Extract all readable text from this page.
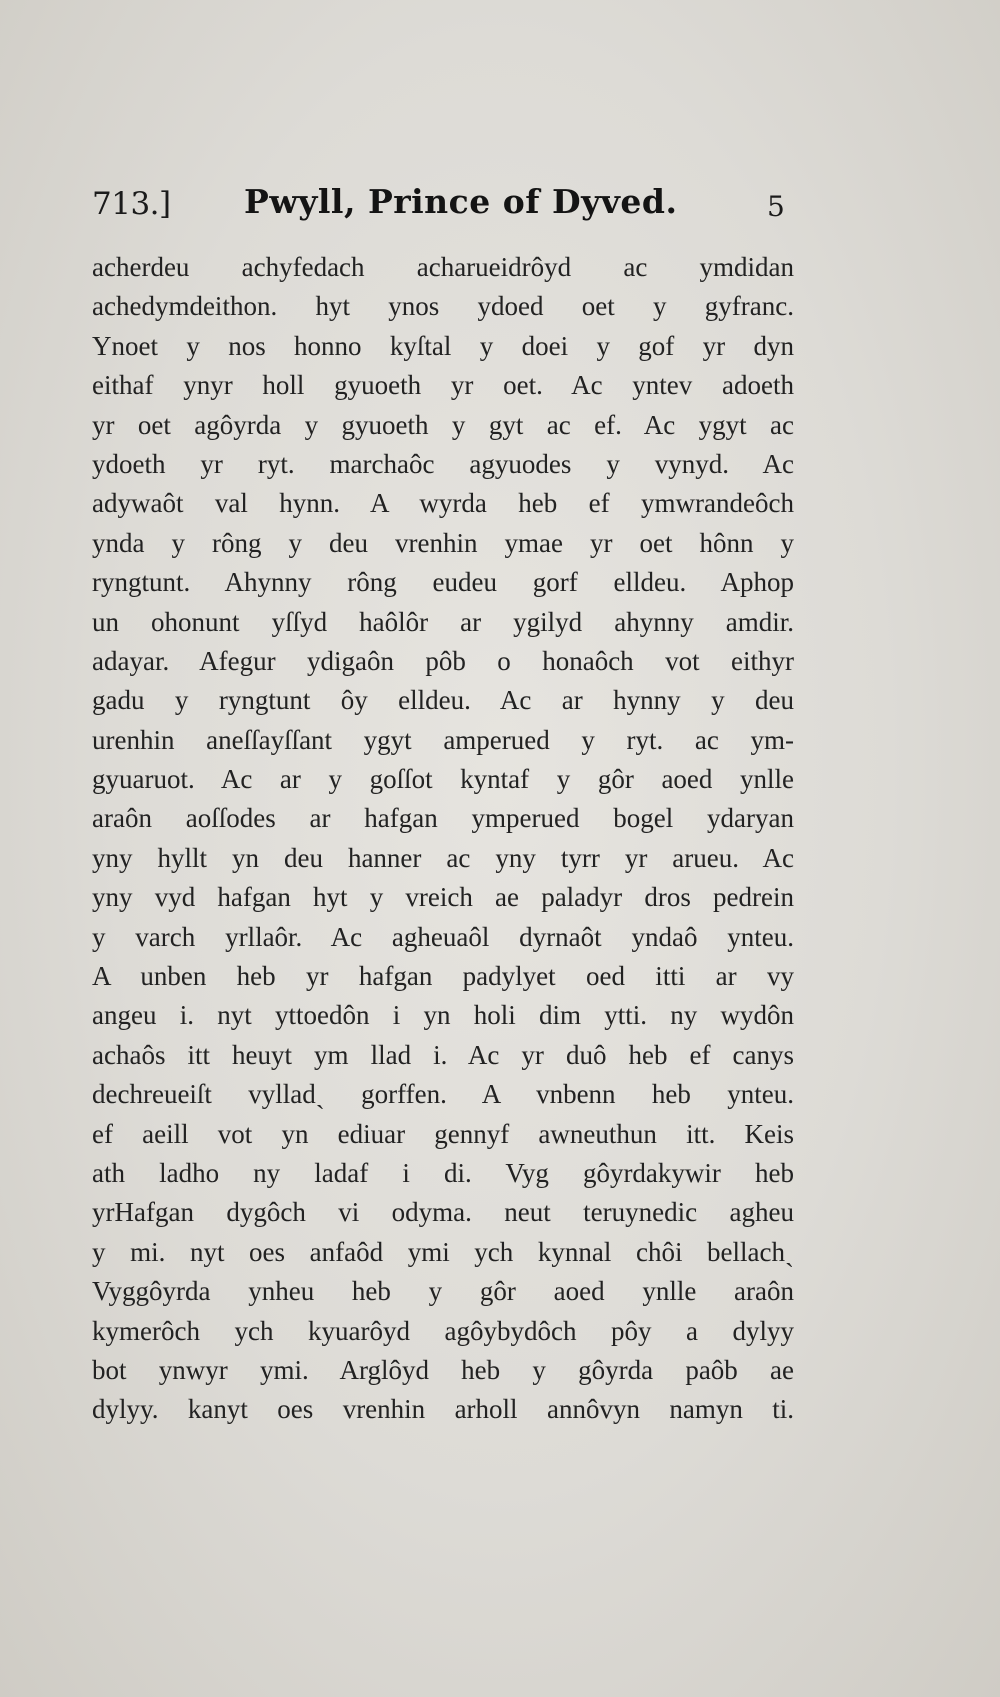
713.] Pwyll, Prince of Dyved.	5
acherdeu achyfedach acharueidrôyd ac ymdidan
achedymdeithon. hyt ynos ydoed oet y gyfranc.
Ynoet y nos honno kyſtal y doei y gof yr dyn
eithaf ynyr holl gyuoeth yr oet. Ac yntev adoeth
yr oet agôyrda y gyuoeth y gyt ac ef. Ac ygyt ac
ydoeth yr ryt. marchaôc agyuodes y vynyd. Ac
adywaôt val hynn. A wyrda heb ef ymwrandeôch
ynda y rông y deu vrenhin ymae yr oet hônn y
ryngtunt. Ahynny rông eudeu gorf elldeu. Aphop
un ohonunt yſſyd haôlôr ar ygilyd ahynny amdir.
adayar. Afegur ydigaôn pôb o honaôch vot eithyr
gadu y ryngtunt ôy elldeu. Ac ar hynny y deu
urenhin aneſſayſſant ygyt amperued y ryt. ac ym-
gyuaruot. Ac ar y goſſot kyntaf y gôr aoed ynlle
araôn aoſſodes ar hafgan ymperued bogel ydaryan
yny hyllt yn deu hanner ac yny tyrr yr arueu. Ac
yny vyd hafgan hyt y vreich ae paladyr dros pedrein
y varch yrllaôr. Ac agheuaôl dyrnaôt yndaô ynteu.
A unben heb yr hafgan padylyet oed itti ar vy
angeu i. nyt yttoedôn i yn holi dim ytti. ny wydôn
achaôs itt heuyt ym llad i. Ac yr duô heb ef canys
dechreueiſt vylladˎ gorffen. A vnbenn heb ynteu.
ef aeill vot yn ediuar gennyf awneuthun itt. Keis
ath ladho ny ladaf i di. Vyg gôyrdakywir heb
yrHafgan dygôch vi odyma. neut teruynedic agheu
y mi. nyt oes anfaôd ymi ych kynnal chôi bellachˎ
Vyggôyrda ynheu heb y gôr aoed ynlle araôn
kymerôch ych kyuarôyd agôybydôch pôy a dylyy
bot ynwyr ymi. Arglôyd heb y gôyrda paôb ae
dylyy. kanyt oes vrenhin arholl annôvyn namyn ti.
